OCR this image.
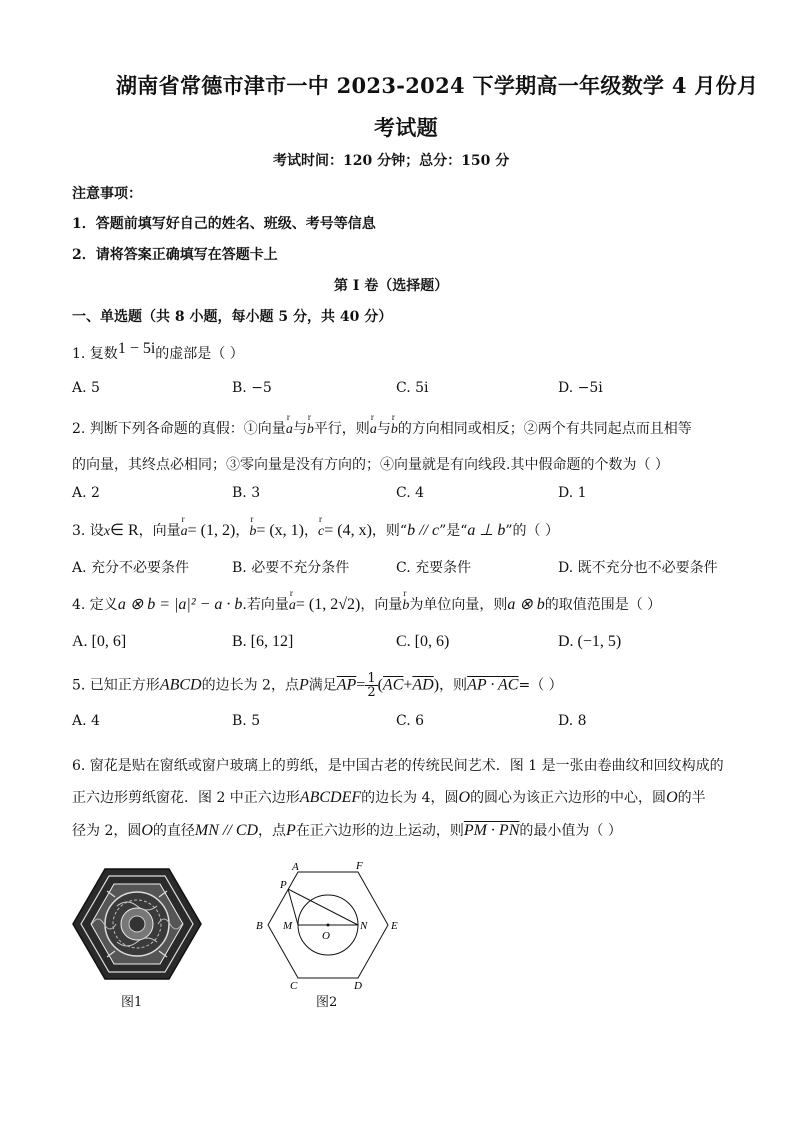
湖南省常德市津市一中 2023-2024 下学期高一年级数学 4 月份月
考试题
考试时间：120 分钟；总分：150 分
注意事项：
1．答题前填写好自己的姓名、班级、考号等信息
2．请将答案正确填写在答题卡上
第 I 卷（选择题）
一、单选题（共 8 小题，每小题 5 分，共 40 分）
1. 复数1 − 5i的虚部是（ ）
A. 5	B. −5	C. 5i	D. −5i
2. 判断下列各命题的真假：①向量r a与r b平行，则r a与r b的方向相同或相反；②两个有共同起点而且相等
的向量，其终点必相同；③零向量是没有方向的；④向量就是有向线段.其中假命题的个数为（ ）
A. 2	B. 3	C. 4	D. 1
3. 设x∈ R，向量r a= (1, 2)，r b= (x, 1)，r c= (4, x)，则“b // c”是“a ⊥ b”的（ ）
A. 充分不必要条件	B. 必要不充分条件	C. 充要条件	D. 既不充分也不必要条件
4. 定义a ⊗ b = |a|² − a · b.若向量r a= (1, 2√2)，向量r b为单位向量，则a ⊗ b的取值范围是（ ）
A. [0, 6]	B. [6, 12]	C. [0, 6)	D. (−1, 5)
5. 已知正方形ABCD的边长为 2，点P满足$\overline{AP}= \frac{1}{2} (\overline{AC}+\overline{AD})$，则AP · AC=（ ）
A. 4	B. 5	C. 6	D. 8
6. 窗花是贴在窗纸或窗户玻璃上的剪纸，是中国古老的传统民间艺术．图 1 是一张由卷曲纹和回纹构成的
正六边形剪纸窗花．图 2 中正六边形ABCDEF的边长为 4，圆O的圆心为该正六边形的中心，圆O的半
径为 2，圆O的直径MN // CD，点P在正六边形的边上运动，则PM · PN的最小值为（ ）
图1
A	F
B	E
C	D
M	N
O
P
图2
